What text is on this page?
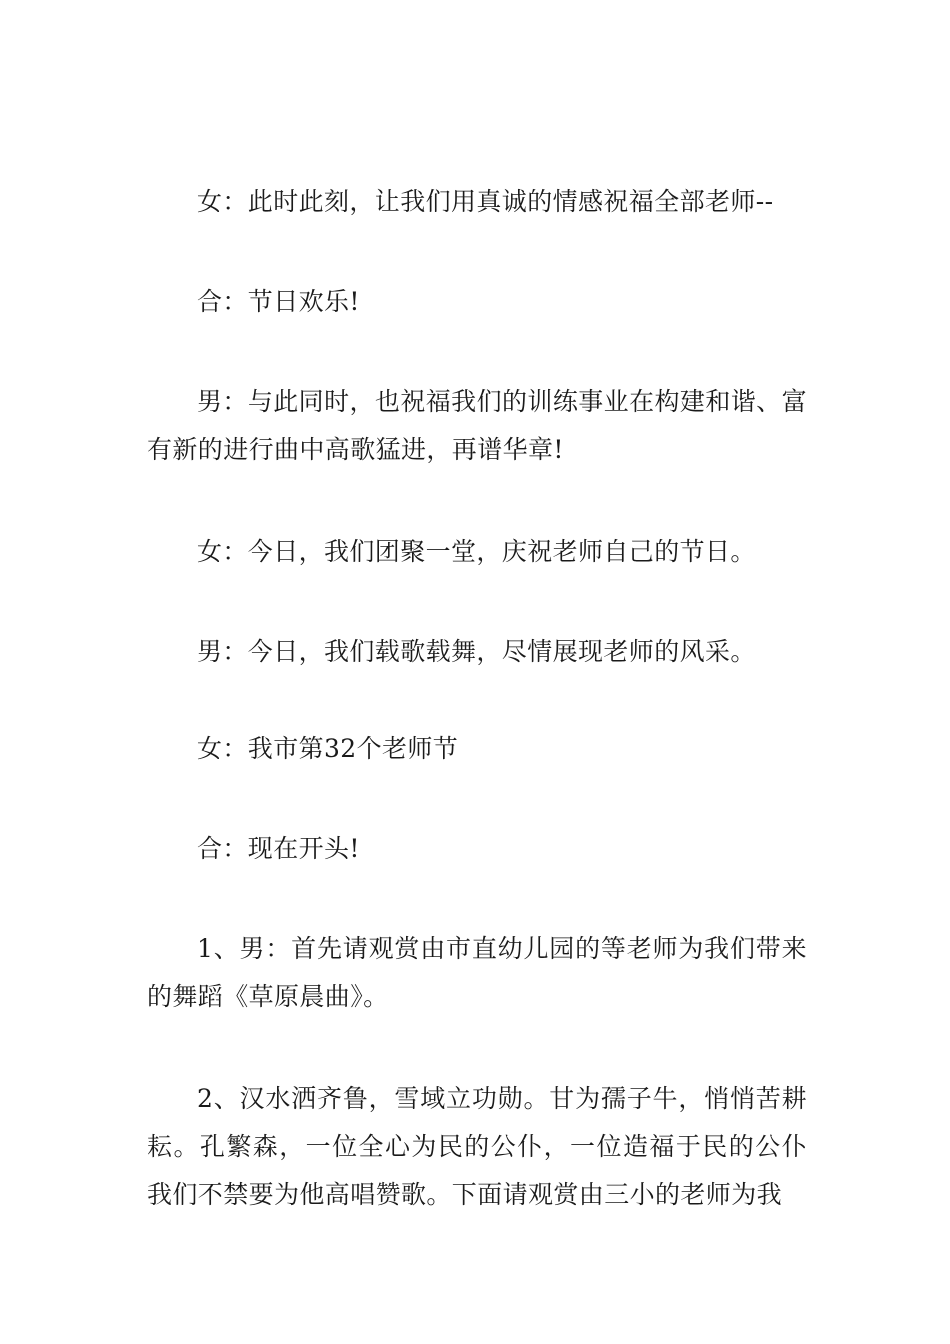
女：此时此刻，让我们用真诚的情感祝福全部老师--

合：节日欢乐!

男：与此同时，也祝福我们的训练事业在构建和谐、富有新的进行曲中高歌猛进，再谱华章!

女：今日，我们团聚一堂，庆祝老师自己的节日。

男：今日，我们载歌载舞，尽情展现老师的风采。

女：我市第32个老师节

合：现在开头!

1、男：首先请观赏由市直幼儿园的等老师为我们带来的舞蹈《草原晨曲》。

2、汉水洒齐鲁，雪域立功勋。甘为孺子牛，悄悄苦耕耘。孔繁森，一位全心为民的公仆，一位造福于民的公仆我们不禁要为他高唱赞歌。下面请观赏由三小的老师为我
